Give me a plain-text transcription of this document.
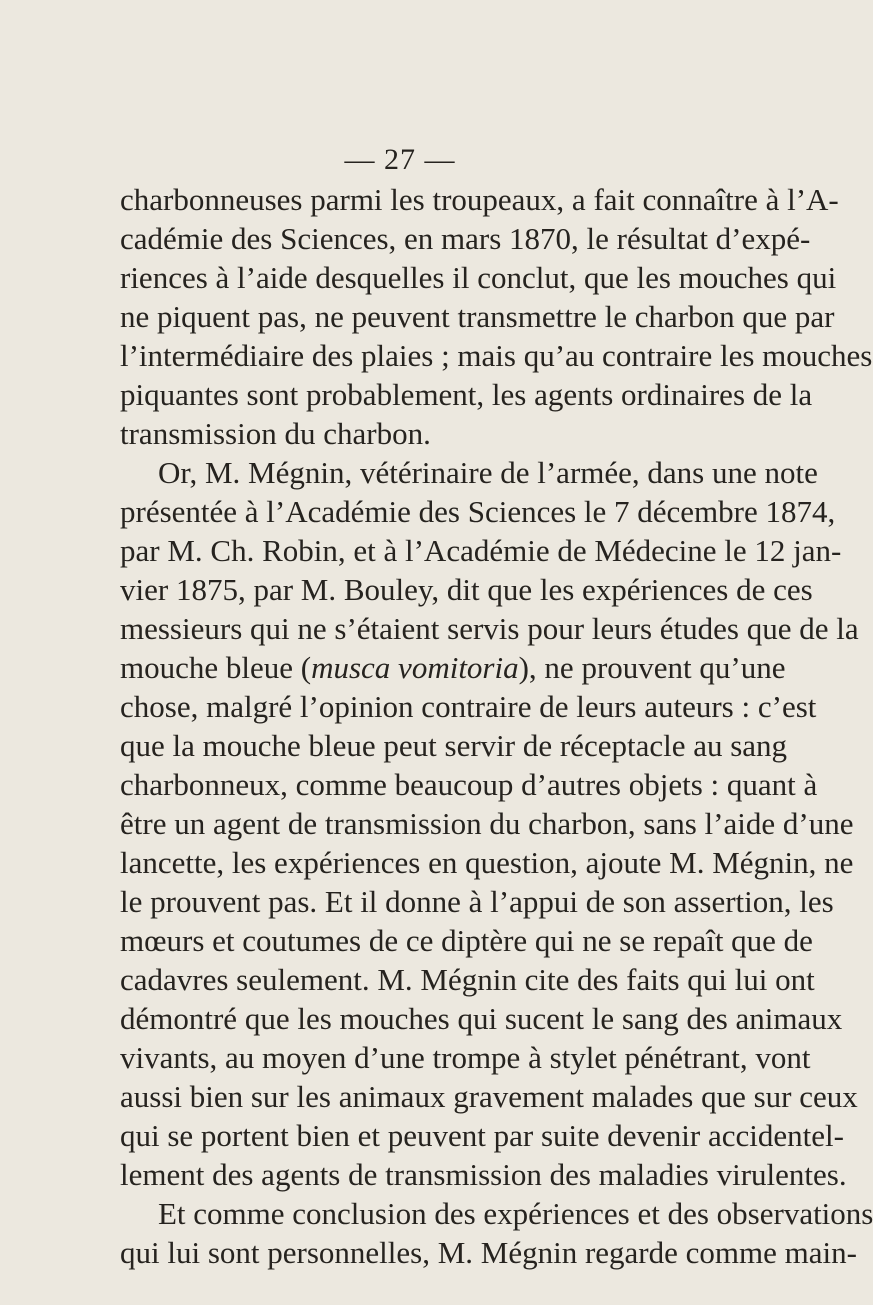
— 27 —
charbonneuses parmi les troupeaux, a fait connaître à l’A-
cadémie des Sciences, en mars 1870, le résultat d’expé-
riences à l’aide desquelles il conclut, que les mouches qui
ne piquent pas, ne peuvent transmettre le charbon que par
l’intermédiaire des plaies ; mais qu’au contraire les mouches
piquantes sont probablement, les agents ordinaires de la
transmission du charbon.
Or, M. Mégnin, vétérinaire de l’armée, dans une note
présentée à l’Académie des Sciences le 7 décembre 1874,
par M. Ch. Robin, et à l’Académie de Médecine le 12 jan-
vier 1875, par M. Bouley, dit que les expériences de ces
messieurs qui ne s’étaient servis pour leurs études que de la
mouche bleue (musca vomitoria), ne prouvent qu’une
chose, malgré l’opinion contraire de leurs auteurs : c’est
que la mouche bleue peut servir de réceptacle au sang
charbonneux, comme beaucoup d’autres objets : quant à
être un agent de transmission du charbon, sans l’aide d’une
lancette, les expériences en question, ajoute M. Mégnin, ne
le prouvent pas. Et il donne à l’appui de son assertion, les
mœurs et coutumes de ce diptère qui ne se repaît que de
cadavres seulement. M. Mégnin cite des faits qui lui ont
démontré que les mouches qui sucent le sang des animaux
vivants, au moyen d’une trompe à stylet pénétrant, vont
aussi bien sur les animaux gravement malades que sur ceux
qui se portent bien et peuvent par suite devenir accidentel-
lement des agents de transmission des maladies virulentes.
Et comme conclusion des expériences et des observations
qui lui sont personnelles, M. Mégnin regarde comme main-
